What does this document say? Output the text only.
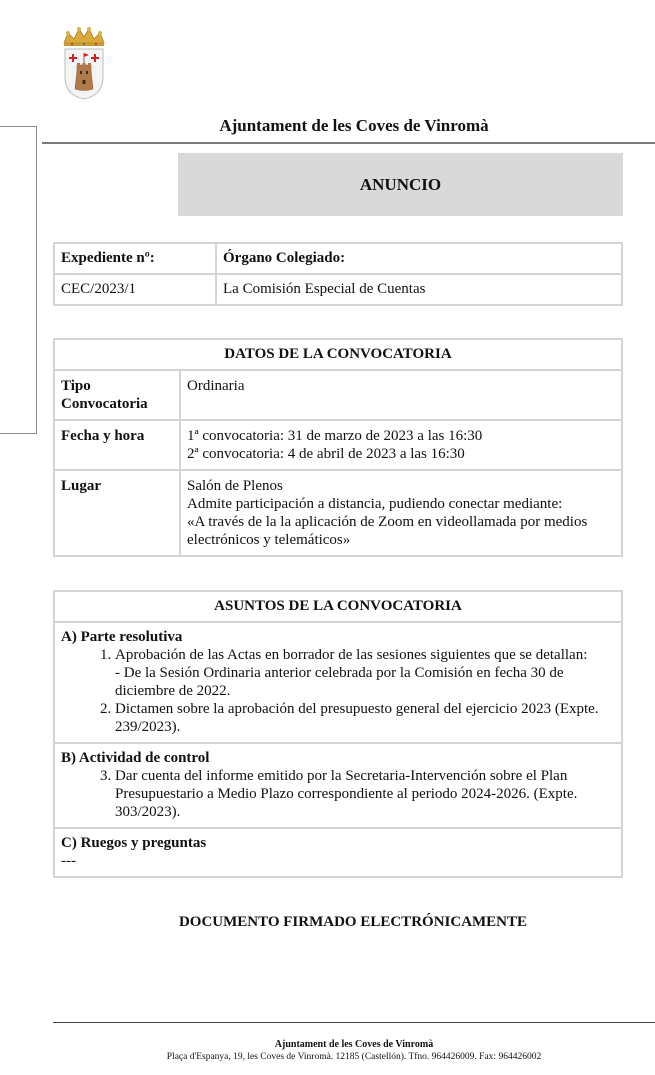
Ajuntament de les Coves de Vinromà
ANUNCIO
Expediente nº:	Órgano Colegiado:
CEC/2023/1	La Comisión Especial de Cuentas
DATOS DE LA CONVOCATORIA	
Tipo Convocatoria	Ordinaria

Fecha y hora	1ª convocatoria: 31 de marzo de 2023 a las 16:30
2ª convocatoria: 4 de abril de 2023 a las 16:30

Lugar	Salón de Plenos
Admite participación a distancia, pudiendo conectar mediante:
«A través de la la aplicación de Zoom en videollamada por medios electrónicos y telemáticos»
ASUNTOS DE LA CONVOCATORIA

A) Parte resolutiva
1. Aprobación de las Actas en borrador de las sesiones siguientes que se detallan:
- De la Sesión Ordinaria anterior celebrada por la Comisión en fecha 30 de diciembre de 2022.
2. Dictamen sobre la aprobación del presupuesto general del ejercicio 2023 (Expte. 239/2023).

B) Actividad de control
3. Dar cuenta del informe emitido por la Secretaria-Intervención sobre el Plan Presupuestario a Medio Plazo correspondiente al periodo 2024-2026. (Expte. 303/2023).

C) Ruegos y preguntas
---
DOCUMENTO FIRMADO ELECTRÓNICAMENTE
Ajuntament de les Coves de Vinromà
Plaça d'Espanya, 19, les Coves de Vinromà. 12185 (Castellón). Tfno. 964426009. Fax: 964426002
